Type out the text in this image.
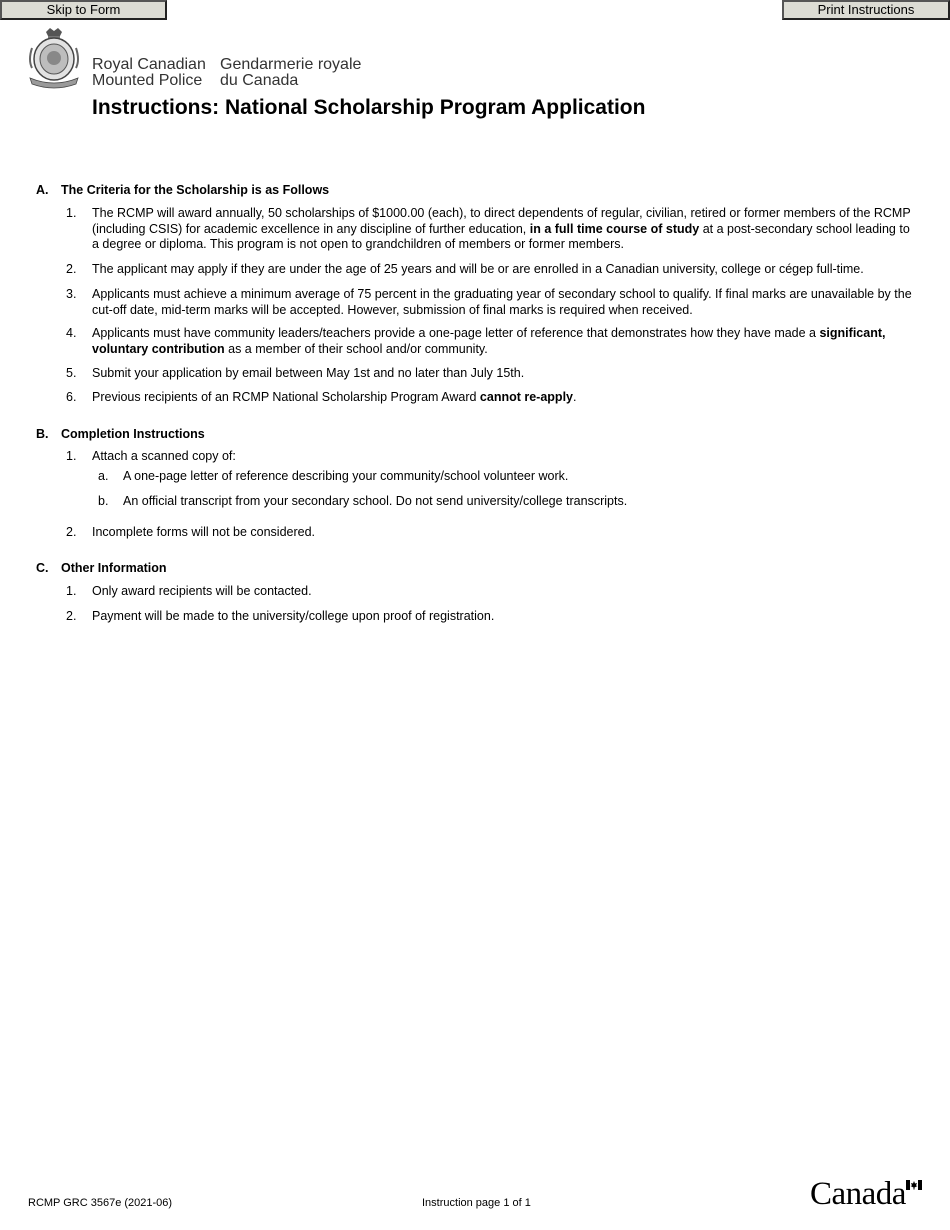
Skip to Form	Print Instructions
Royal Canadian
Mounted Police
Gendarmerie royale
du Canada
Instructions: National Scholarship Program Application
A. The Criteria for the Scholarship is as Follows
1. The RCMP will award annually, 50 scholarships of $1000.00 (each), to direct dependents of regular, civilian, retired or former members of the RCMP (including CSIS) for academic excellence in any discipline of further education, in a full time course of study at a post-secondary school leading to a degree or diploma. This program is not open to grandchildren of members or former members.
2. The applicant may apply if they are under the age of 25 years and will be or are enrolled in a Canadian university, college or cégep full-time.
3. Applicants must achieve a minimum average of 75 percent in the graduating year of secondary school to qualify. If final marks are unavailable by the cut-off date, mid-term marks will be accepted. However, submission of final marks is required when received.
4. Applicants must have community leaders/teachers provide a one-page letter of reference that demonstrates how they have made a significant, voluntary contribution as a member of their school and/or community.
5. Submit your application by email between May 1st and no later than July 15th.
6. Previous recipients of an RCMP National Scholarship Program Award cannot re-apply.
B. Completion Instructions
1. Attach a scanned copy of:
a. A one-page letter of reference describing your community/school volunteer work.
b. An official transcript from your secondary school. Do not send university/college transcripts.
2. Incomplete forms will not be considered.
C. Other Information
1. Only award recipients will be contacted.
2. Payment will be made to the university/college upon proof of registration.
RCMP GRC 3567e (2021-06)	Instruction page 1 of 1	Canada
